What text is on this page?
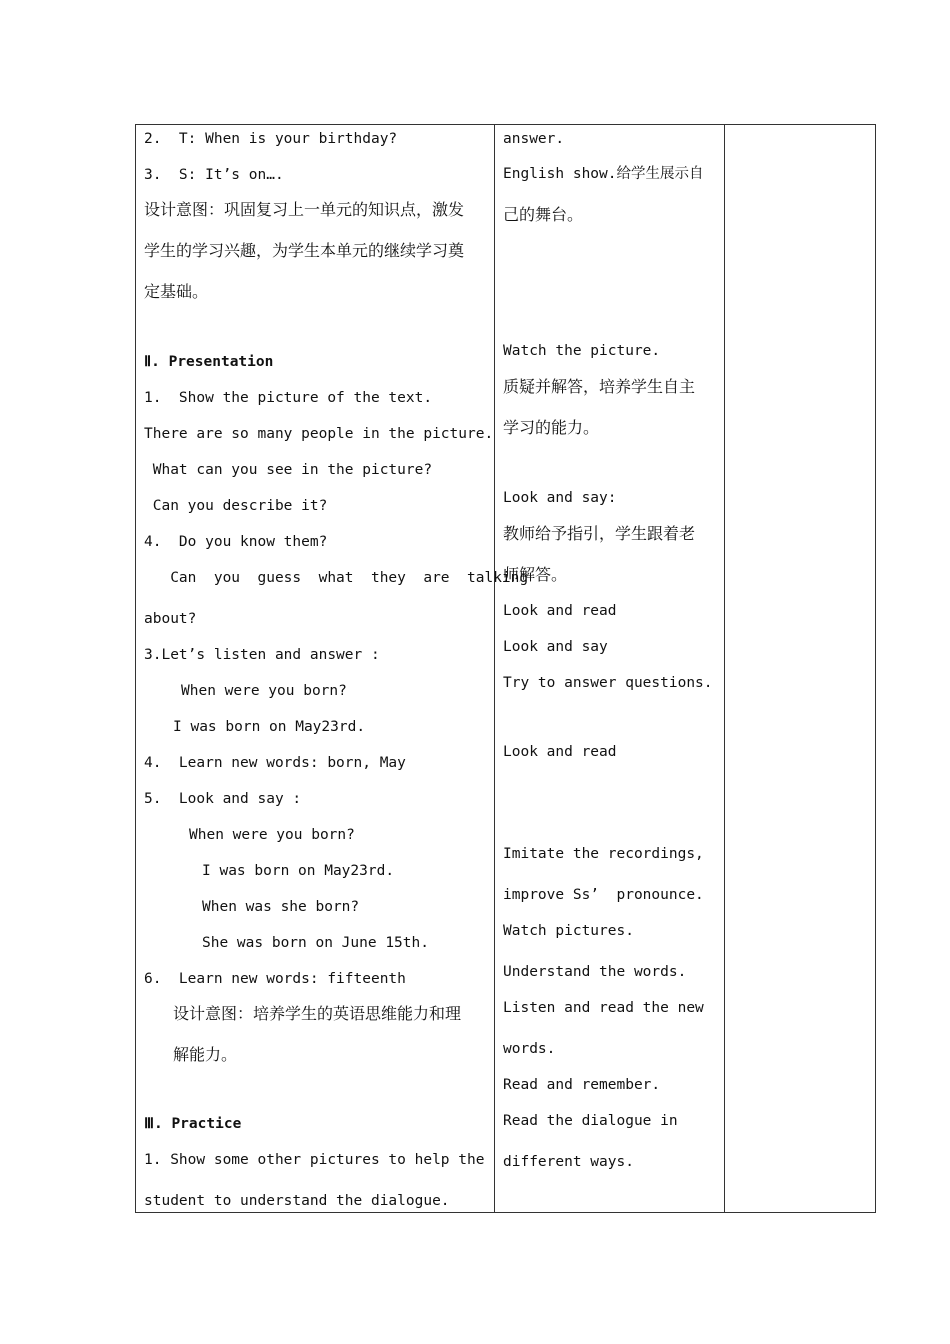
2.  T: When is your birthday?
3.  S: It’s on….
设计意图：巩固复习上一单元的知识点，激发
学生的学习兴趣，为学生本单元的继续学习奠
定基础。
Ⅱ. Presentation
1.  Show the picture of the text.
There are so many people in the picture.
What can you see in the picture?
Can you describe it?
4.  Do you know them?
Can  you  guess  what  they  are  talking
about?
3.Let’s listen and answer :
When were you born?
I was born on May23rd.
4.  Learn new words: born, May
5.  Look and say :
When were you born?
I was born on May23rd.
When was she born?
She was born on June 15th.
6.  Learn new words: fifteenth
设计意图：培养学生的英语思维能力和理
解能力。
Ⅲ. Practice
1. Show some other pictures to help the
student to understand the dialogue.
answer.
English show.给学生展示自
己的舞台。
Watch the picture.
质疑并解答，培养学生自主
学习的能力。
Look and say:
教师给予指引，学生跟着老
师解答。
Look and read
Look and say
Try to answer questions.
Look and read
Imitate the recordings,
improve Ss’  pronounce.
Watch pictures.
Understand the words.
Listen and read the new
words.
Read and remember.
Read the dialogue in
different ways.
